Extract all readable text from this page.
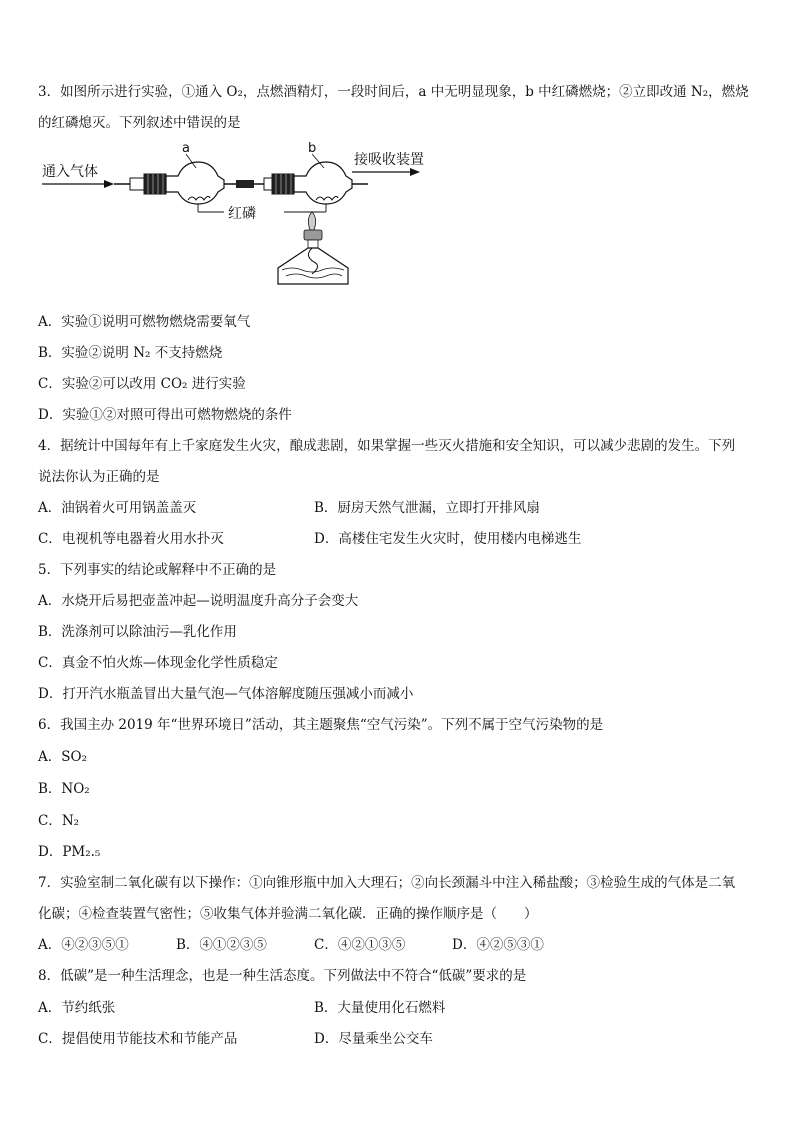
3．如图所示进行实验，①通入 O₂，点燃酒精灯，一段时间后，a 中无明显现象，b 中红磷燃烧；②立即改通 N₂，燃烧
的红磷熄灭。下列叙述中错误的是
通入气体
a	b
接吸收装置
红磷
A．实验①说明可燃物燃烧需要氧气
B．实验②说明 N₂ 不支持燃烧
C．实验②可以改用 CO₂ 进行实验
D．实验①②对照可得出可燃物燃烧的条件
4．据统计中国每年有上千家庭发生火灾，酿成悲剧，如果掌握一些灭火措施和安全知识，可以减少悲剧的发生。下列
说法你认为正确的是
A．油锅着火可用锅盖盖灭	B．厨房天然气泄漏，立即打开排风扇
C．电视机等电器着火用水扑灭	D．高楼住宅发生火灾时，使用楼内电梯逃生
5．下列事实的结论或解释中不正确的是
A．水烧开后易把壶盖冲起—说明温度升高分子会变大
B．洗涤剂可以除油污—乳化作用
C．真金不怕火炼—体现金化学性质稳定
D．打开汽水瓶盖冒出大量气泡—气体溶解度随压强减小而减小
6．我国主办 2019 年“世界环境日”活动，其主题聚焦“空气污染”。下列不属于空气污染物的是
A．SO₂
B．NO₂
C．N₂
D．PM₂.₅
7．实验室制二氧化碳有以下操作：①向锥形瓶中加入大理石；②向长颈漏斗中注入稀盐酸；③检验生成的气体是二氧
化碳；④检查装置气密性；⑤收集气体并验满二氧化碳．正确的操作顺序是（　　）
A．④②③⑤①	B．④①②③⑤	C．④②①③⑤	D．④②⑤③①
8．低碳”是一种生活理念，也是一种生活态度。下列做法中不符合“低碳”要求的是
A．节约纸张	B．大量使用化石燃料
C．提倡使用节能技术和节能产品	D．尽量乘坐公交车
